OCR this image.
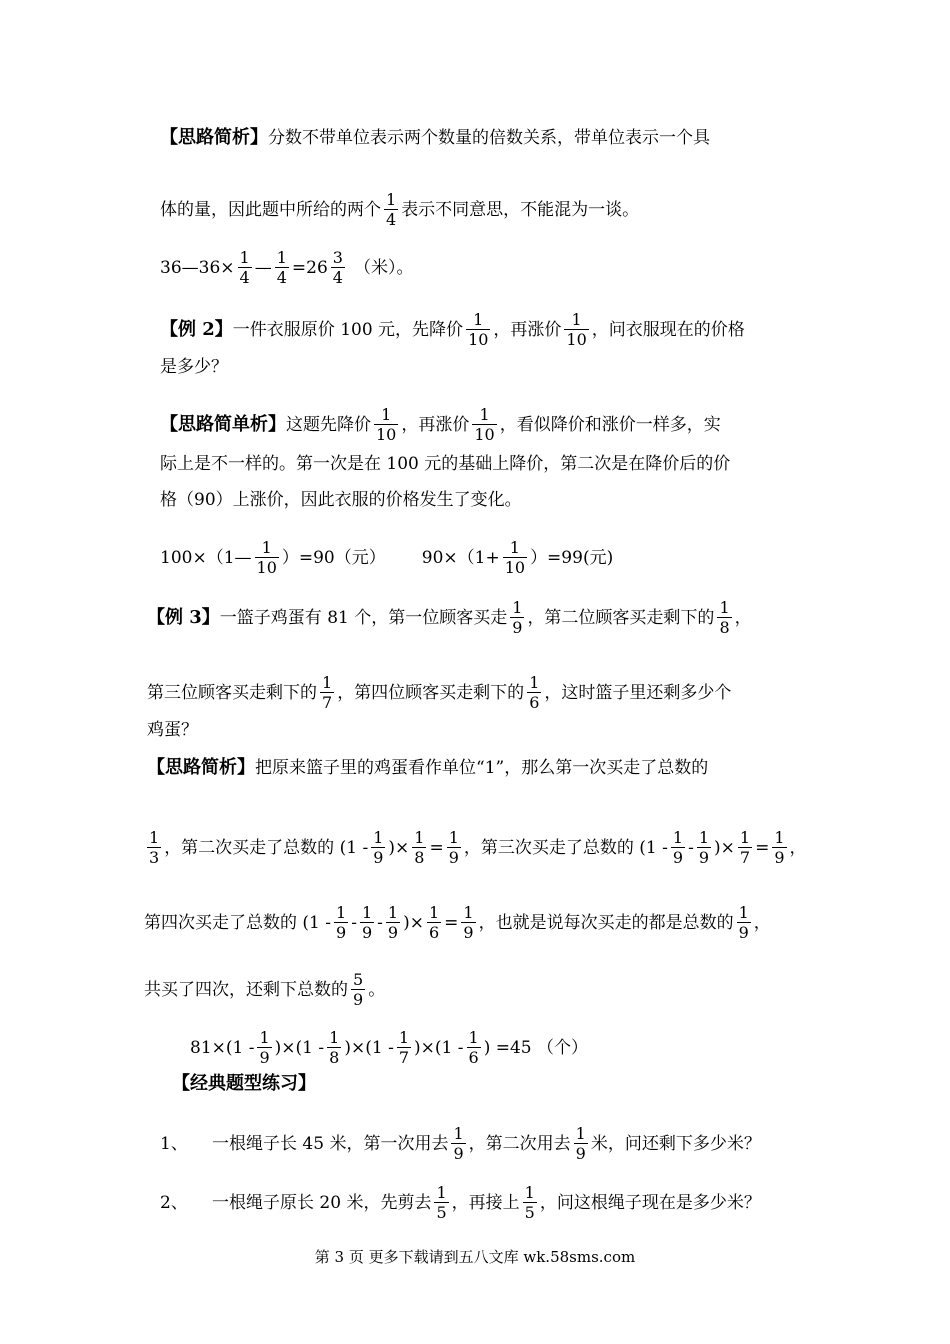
【思路简析】 分数不带单位表示两个数量的倍数关系，带单位表示一个具
体的量，因此题中所给的两个 $\frac{1}{4}$ 表示不同意思，不能混为一谈。
36—36× $\frac{1}{4}$ — $\frac{1}{4} =26 \frac{3}{4}$ （米）。
【例 2】 一件衣服原价 100 元，先降价 $\frac{1}{10}$ ，再涨价 $\frac{1}{10}$ ，问衣服现在的价格
是多少？
【思路简单析】 这题先降价 $\frac{1}{10}$ ，再涨价 $\frac{1}{10}$ ，看似降价和涨价一样多，实
际上是不一样的。第一次是在 100 元的基础上降价，第二次是在降价后的价
格（90）上涨价，因此衣服的价格发生了变化。
100×（1— $\frac{1}{10} )=90$（元） $90\times(1+ \frac{1}{10} )=99$(元)
【例 3】 一篮子鸡蛋有 81 个，第一位顾客买走 $\frac{1}{9}$ ，第二位顾客买走剩下的 $\frac{1}{8}$ ，
第三位顾客买走剩下的 $\frac{1}{7}$ ，第四位顾客买走剩下的 $\frac{1}{6}$ ，这时篮子里还剩多少个
鸡蛋？
【思路简析】 把原来篮子里的鸡蛋看作单位“1”，那么第一次买走了总数的
$\frac{1}{3}$ ，第二次买走了总数的 ($1 - \frac{1}{9}$ )× $\frac{1}{8} = \frac{1}{9}$ ，第三次买走了总数的 ($1 - \frac{1}{9} - \frac{1}{9}$ )× $\frac{1}{7} = \frac{1}{9}$ ，
第四次买走了总数的 ($1 - \frac{1}{9} - \frac{1}{9} - \frac{1}{9}$ )× $\frac{1}{6} = \frac{1}{9}$ ，也就是说每次买走的都是总数的 $\frac{1}{9}$ ，
共买了四次，还剩下总数的 $\frac{5}{9}$ 。
$81\times(1 - \frac{1}{9} )\times(1 - \frac{1}{8} )\times(1 - \frac{1}{7} )\times(1 - \frac{1}{6}$ ) =45 （个）
【经典题型练习】
1、	一根绳子长 45 米，第一次用去 $\frac{1}{9}$ ，第二次用去 $\frac{1}{9}$ 米，问还剩下多少米？
2、	一根绳子原长 20 米，先剪去 $\frac{1}{5}$ ，再接上 $\frac{1}{5}$ ，问这根绳子现在是多少米？
第 3 页 更多下载请到五八文库 wk.58sms.com
